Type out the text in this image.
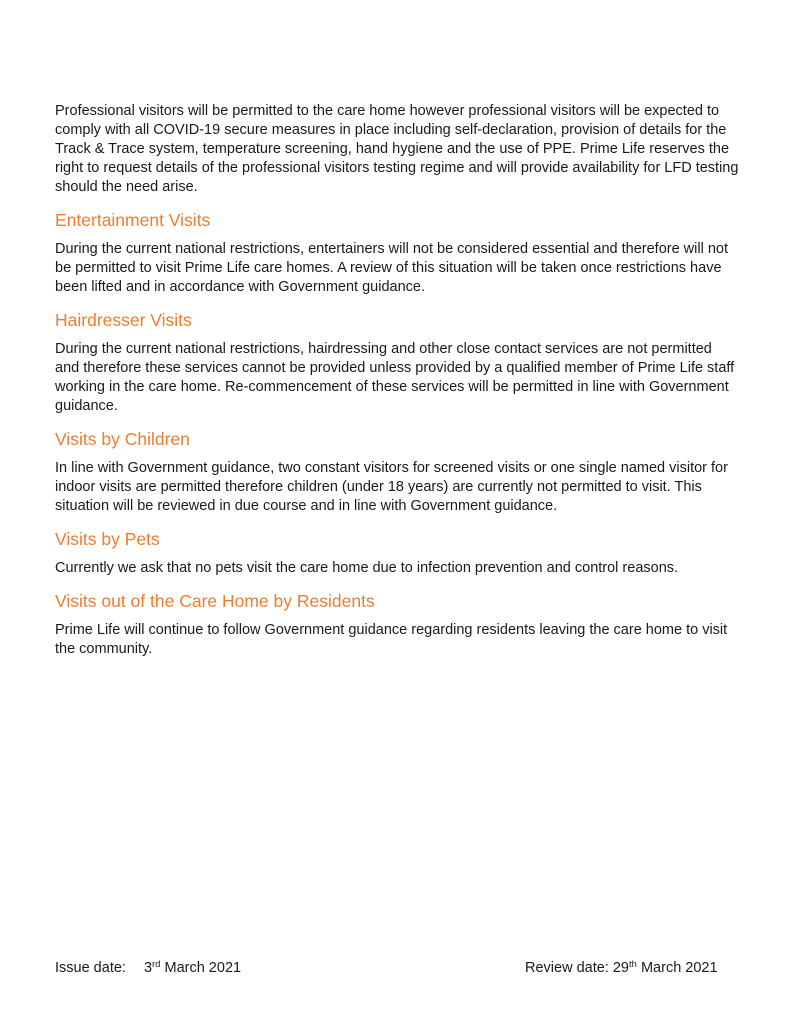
Professional visitors will be permitted to the care home however professional visitors will be expected to comply with all COVID-19 secure measures in place including self-declaration, provision of details for the Track & Trace system, temperature screening, hand hygiene and the use of PPE. Prime Life reserves the right to request details of the professional visitors testing regime and will provide availability for LFD testing should the need arise.

Entertainment Visits

During the current national restrictions, entertainers will not be considered essential and therefore will not be permitted to visit Prime Life care homes. A review of this situation will be taken once restrictions have been lifted and in accordance with Government guidance.

Hairdresser Visits

During the current national restrictions, hairdressing and other close contact services are not permitted and therefore these services cannot be provided unless provided by a qualified member of Prime Life staff working in the care home. Re-commencement of these services will be permitted in line with Government guidance.

Visits by Children

In line with Government guidance, two constant visitors for screened visits or one single named visitor for indoor visits are permitted therefore children (under 18 years) are currently not permitted to visit. This situation will be reviewed in due course and in line with Government guidance.

Visits by Pets

Currently we ask that no pets visit the care home due to infection prevention and control reasons.

Visits out of the Care Home by Residents

Prime Life will continue to follow Government guidance regarding residents leaving the care home to visit the community.

Issue date: 3rd March 2021	Review date: 29th March 2021
